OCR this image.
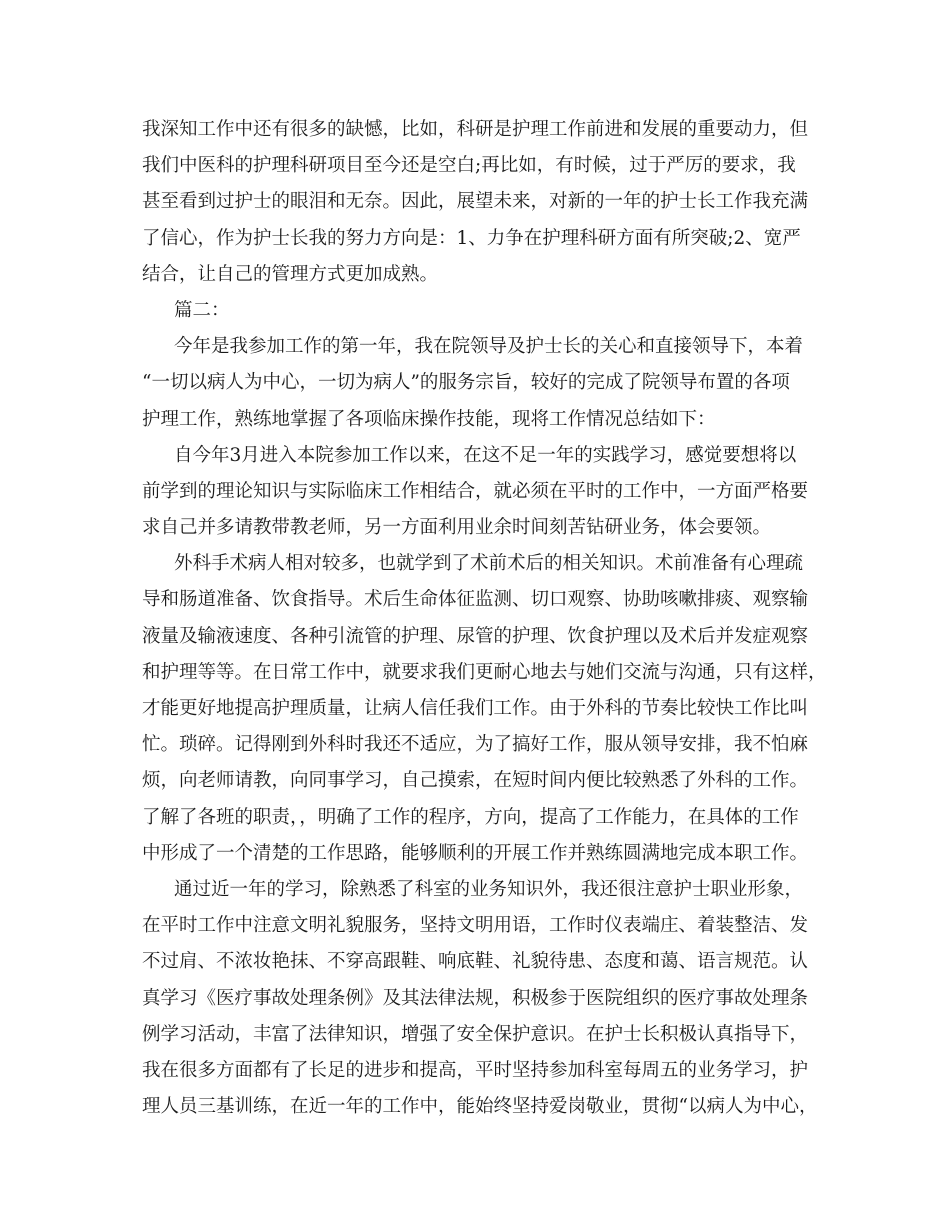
我深知工作中还有很多的缺憾，比如，科研是护理工作前进和发展的重要动力，但
我们中医科的护理科研项目至今还是空白;再比如，有时候，过于严厉的要求，我
甚至看到过护士的眼泪和无奈。因此，展望未来，对新的一年的护士长工作我充满
了信心，作为护士长我的努力方向是：1、力争在护理科研方面有所突破;2、宽严
结合，让自己的管理方式更加成熟。
篇二：
今年是我参加工作的第一年，我在院领导及护士长的关心和直接领导下，本着
“一切以病人为中心，一切为病人”的服务宗旨，较好的完成了院领导布置的各项
护理工作，熟练地掌握了各项临床操作技能，现将工作情况总结如下：
自今年3月进入本院参加工作以来，在这不足一年的实践学习，感觉要想将以
前学到的理论知识与实际临床工作相结合，就必须在平时的工作中，一方面严格要
求自己并多请教带教老师，另一方面利用业余时间刻苦钻研业务，体会要领。
外科手术病人相对较多，也就学到了术前术后的相关知识。术前准备有心理疏
导和肠道准备、饮食指导。术后生命体征监测、切口观察、协助咳嗽排痰、观察输
液量及输液速度、各种引流管的护理、尿管的护理、饮食护理以及术后并发症观察
和护理等等。在日常工作中，就要求我们更耐心地去与她们交流与沟通，只有这样，
才能更好地提高护理质量，让病人信任我们工作。由于外科的节奏比较快工作比叫
忙。琐碎。记得刚到外科时我还不适应，为了搞好工作，服从领导安排，我不怕麻
烦，向老师请教，向同事学习，自己摸索，在短时间内便比较熟悉了外科的工作。
了解了各班的职责，，明确了工作的程序，方向，提高了工作能力，在具体的工作
中形成了一个清楚的工作思路，能够顺利的开展工作并熟练圆满地完成本职工作。
通过近一年的学习，除熟悉了科室的业务知识外，我还很注意护士职业形象，
在平时工作中注意文明礼貌服务，坚持文明用语，工作时仪表端庄、着装整洁、发
不过肩、不浓妆艳抹、不穿高跟鞋、响底鞋、礼貌待患、态度和蔼、语言规范。认
真学习《医疗事故处理条例》及其法律法规，积极参于医院组织的医疗事故处理条
例学习活动，丰富了法律知识，增强了安全保护意识。在护士长积极认真指导下，
我在很多方面都有了长足的进步和提高，平时坚持参加科室每周五的业务学习，护
理人员三基训练，在近一年的工作中，能始终坚持爱岗敬业，贯彻“以病人为中心，
